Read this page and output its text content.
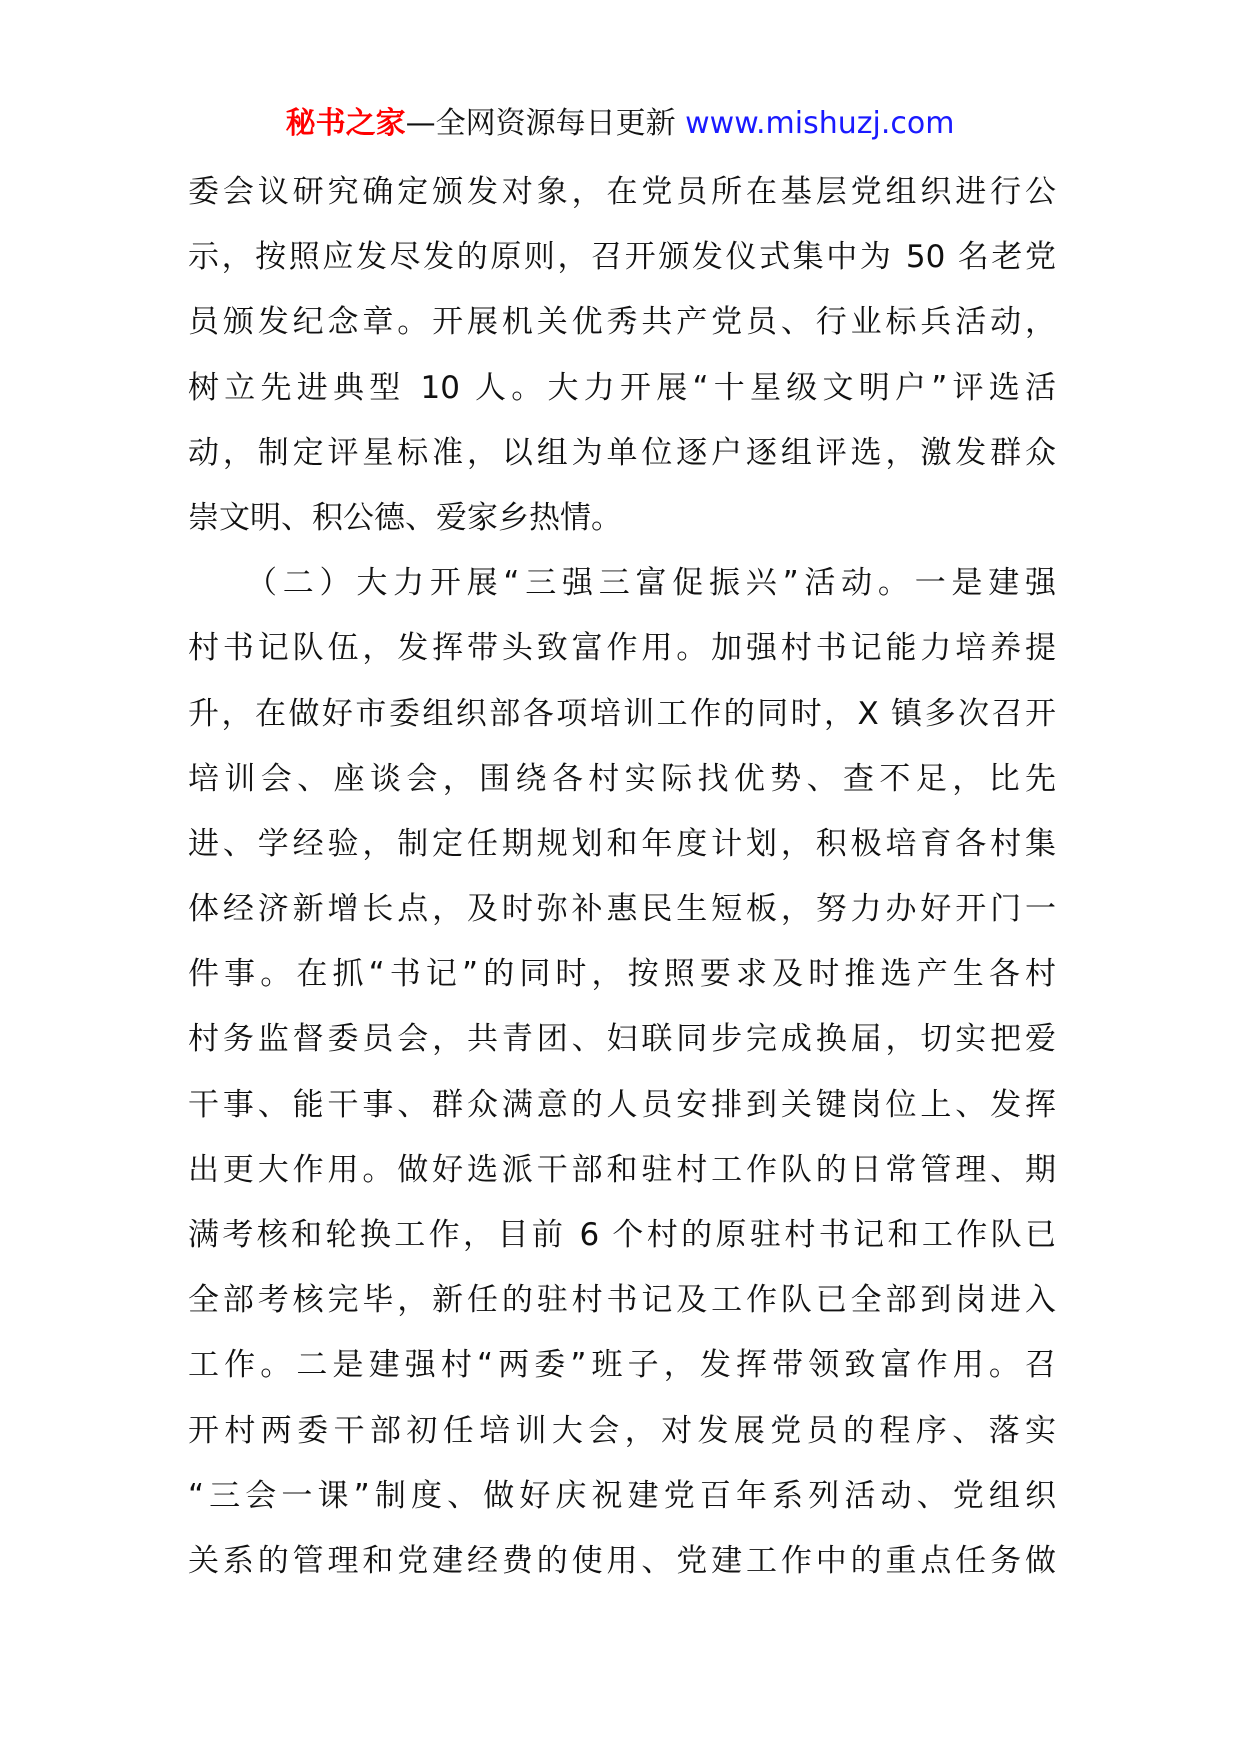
秘书之家—全网资源每日更新 www.mishuzj.com
委会议研究确定颁发对象，在党员所在基层党组织进行公
示，按照应发尽发的原则，召开颁发仪式集中为 50 名老党
员颁发纪念章。开展机关优秀共产党员、行业标兵活动，
树立先进典型 10 人。大力开展“十星级文明户”评选活
动，制定评星标准，以组为单位逐户逐组评选，激发群众
崇文明、积公德、爱家乡热情。
　　（二）大力开展“三强三富促振兴”活动。一是建强
村书记队伍，发挥带头致富作用。加强村书记能力培养提
升，在做好市委组织部各项培训工作的同时，X 镇多次召开
培训会、座谈会，围绕各村实际找优势、查不足，比先
进、学经验，制定任期规划和年度计划，积极培育各村集
体经济新增长点，及时弥补惠民生短板，努力办好开门一
件事。在抓“书记”的同时，按照要求及时推选产生各村
村务监督委员会，共青团、妇联同步完成换届，切实把爱
干事、能干事、群众满意的人员安排到关键岗位上、发挥
出更大作用。做好选派干部和驻村工作队的日常管理、期
满考核和轮换工作，目前 6 个村的原驻村书记和工作队已
全部考核完毕，新任的驻村书记及工作队已全部到岗进入
工作。二是建强村“两委”班子，发挥带领致富作用。召
开村两委干部初任培训大会，对发展党员的程序、落实
“三会一课”制度、做好庆祝建党百年系列活动、党组织
关系的管理和党建经费的使用、党建工作中的重点任务做
